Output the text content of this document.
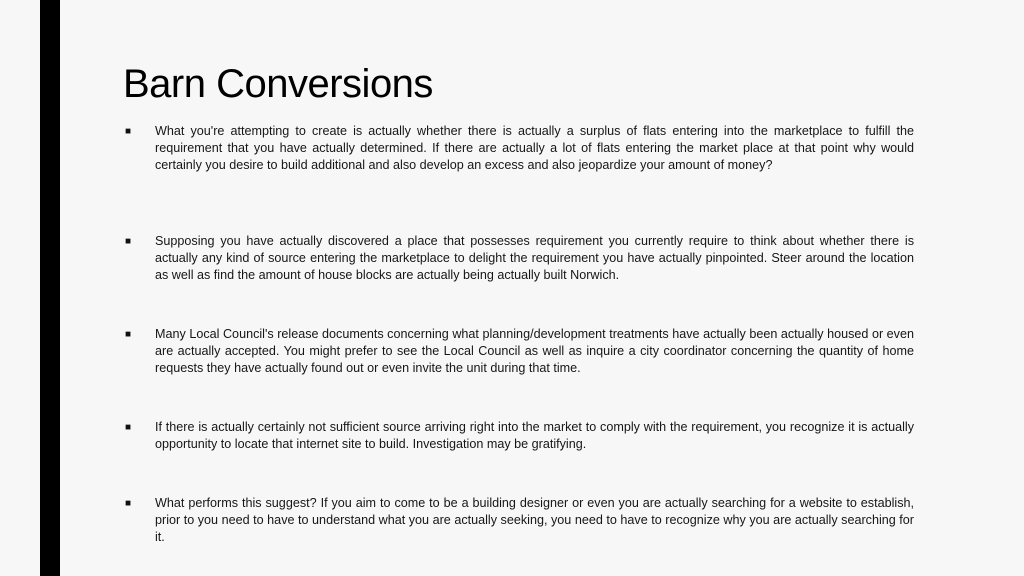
Barn Conversions
■	What you're attempting to create is actually whether there is actually a surplus of flats entering into the marketplace to fulfill the requirement that you have actually determined. If there are actually a lot of flats entering the market place at that point why would certainly you desire to build additional and also develop an excess and also jeopardize your amount of money?

■	Supposing you have actually discovered a place that possesses requirement you currently require to think about whether there is actually any kind of source entering the marketplace to delight the requirement you have actually pinpointed. Steer around the location as well as find the amount of house blocks are actually being actually built Norwich.

■	Many Local Council's release documents concerning what planning/development treatments have actually been actually housed or even are actually accepted. You might prefer to see the Local Council as well as inquire a city coordinator concerning the quantity of home requests they have actually found out or even invite the unit during that time.

■	If there is actually certainly not sufficient source arriving right into the market to comply with the requirement, you recognize it is actually opportunity to locate that internet site to build. Investigation may be gratifying.

■	What performs this suggest? If you aim to come to be a building designer or even you are actually searching for a website to establish, prior to you need to have to understand what you are actually seeking, you need to have to recognize why you are actually searching for it.
